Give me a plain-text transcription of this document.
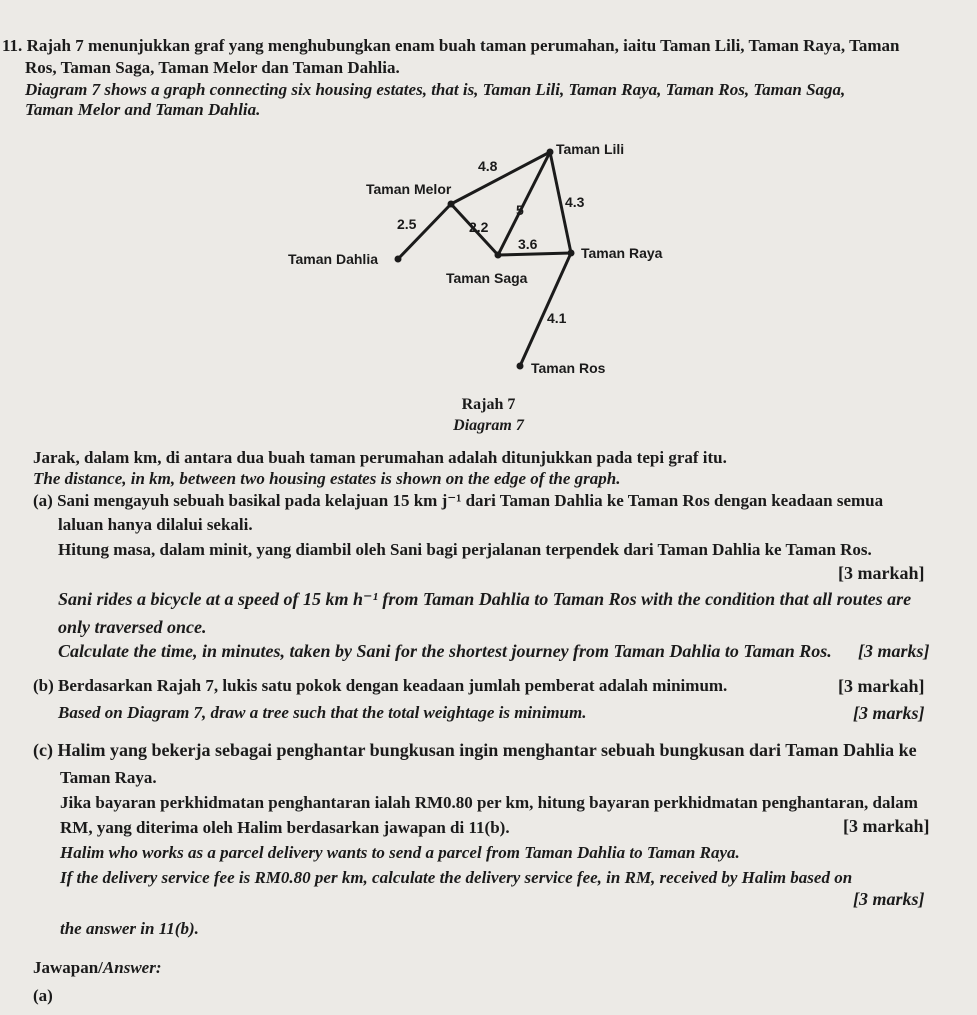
11. Rajah 7 menunjukkan graf yang menghubungkan enam buah taman perumahan, iaitu Taman Lili, Taman Raya, Taman
Ros, Taman Saga, Taman Melor dan Taman Dahlia.
Diagram 7 shows a graph connecting six housing estates, that is, Taman Lili, Taman Raya, Taman Ros, Taman Saga,
Taman Melor and Taman Dahlia.
Taman Lili
Taman Melor
Taman Dahlia	Taman Raya
Taman Saga
Taman Ros
4.8
4.3
5
2.5	2.2
3.6
4.1
Rajah 7
Diagram 7
Jarak, dalam km, di antara dua buah taman perumahan adalah ditunjukkan pada tepi graf itu.
The distance, in km, between two housing estates is shown on the edge of the graph.
(a) Sani mengayuh sebuah basikal pada kelajuan 15 km j⁻¹ dari Taman Dahlia ke Taman Ros dengan keadaan semua
laluan hanya dilalui sekali.
Hitung masa, dalam minit, yang diambil oleh Sani bagi perjalanan terpendek dari Taman Dahlia ke Taman Ros.
[3 markah]
Sani rides a bicycle at a speed of 15 km h⁻¹ from Taman Dahlia to Taman Ros with the condition that all routes are
only traversed once.
Calculate the time, in minutes, taken by Sani for the shortest journey from Taman Dahlia to Taman Ros. [3 marks]
(b) Berdasarkan Rajah 7, lukis satu pokok dengan keadaan jumlah pemberat adalah minimum.	[3 markah]
Based on Diagram 7, draw a tree such that the total weightage is minimum.	[3 marks]
(c) Halim yang bekerja sebagai penghantar bungkusan ingin menghantar sebuah bungkusan dari Taman Dahlia ke
Taman Raya.
Jika bayaran perkhidmatan penghantaran ialah RM0.80 per km, hitung bayaran perkhidmatan penghantaran, dalam
RM, yang diterima oleh Halim berdasarkan jawapan di 11(b).	[3 markah]
Halim who works as a parcel delivery wants to send a parcel from Taman Dahlia to Taman Raya.
If the delivery service fee is RM0.80 per km, calculate the delivery service fee, in RM, received by Halim based on
[3 marks]
the answer in 11(b).
Jawapan/Answer:
(a)
